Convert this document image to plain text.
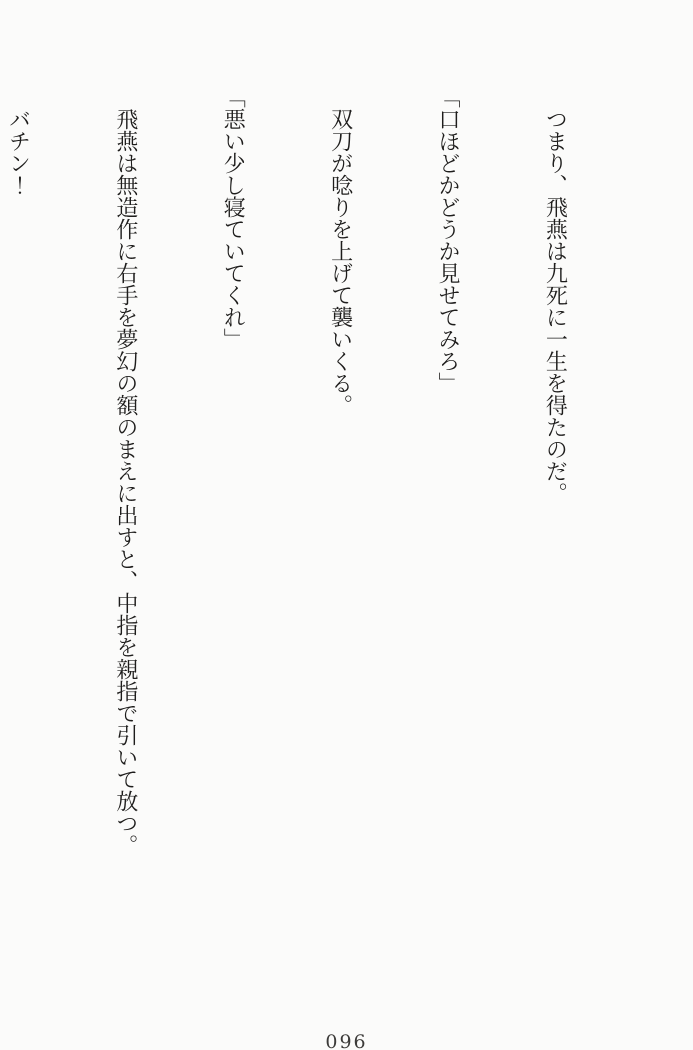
　つまり、飛燕は九死に一生を得たのだ。

「口ほどかどうか見せてみろ」

　双刀が唸りを上げて襲いくる。

「悪い少し寝ていてくれ」

　飛燕は無造作に右手を夢幻の額のまえに出すと、中指を親指で引いて放つ。

　バチン！

096
